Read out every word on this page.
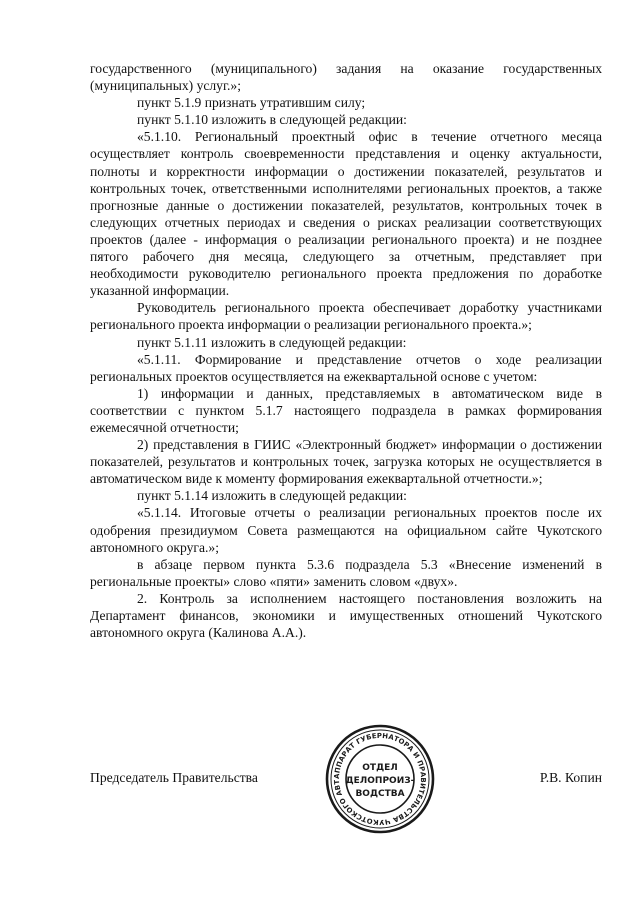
государственного (муниципального) задания на оказание государственных (муниципальных) услуг.»;

пункт 5.1.9 признать утратившим силу;

пункт 5.1.10 изложить в следующей редакции:

«5.1.10. Региональный проектный офис в течение отчетного месяца осуществляет контроль своевременности представления и оценку актуальности, полноты и корректности информации о достижении показателей, результатов и контрольных точек, ответственными исполнителями региональных проектов, а также прогнозные данные о достижении показателей, результатов, контрольных точек в следующих отчетных периодах и сведения о рисках реализации соответствующих проектов (далее - информация о реализации регионального проекта) и не позднее пятого рабочего дня месяца, следующего за отчетным, представляет при необходимости руководителю регионального проекта предложения по доработке указанной информации.

Руководитель регионального проекта обеспечивает доработку участниками регионального проекта информации о реализации регионального проекта.»;

пункт 5.1.11 изложить в следующей редакции:

«5.1.11. Формирование и представление отчетов о ходе реализации региональных проектов осуществляется на ежеквартальной основе с учетом:

1) информации и данных, представляемых в автоматическом виде в соответствии с пунктом 5.1.7 настоящего подраздела в рамках формирования ежемесячной отчетности;

2) представления в ГИИС «Электронный бюджет» информации о достижении показателей, результатов и контрольных точек, загрузка которых не осуществляется в автоматическом виде к моменту формирования ежеквартальной отчетности.»;

пункт 5.1.14 изложить в следующей редакции:

«5.1.14. Итоговые отчеты о реализации региональных проектов после их одобрения президиумом Совета размещаются на официальном сайте Чукотского автономного округа.»;

в абзаце первом пункта 5.3.6 подраздела 5.3 «Внесение изменений в региональные проекты» слово «пяти» заменить словом «двух».

2. Контроль за исполнением настоящего постановления возложить на Департамент финансов, экономики и имущественных отношений Чукотского автономного округа (Калинова А.А.).

Председатель Правительства	Р.В. Копин
АППАРАТ ГУБЕРНАТОРА И ПРАВИТЕЛЬСТВА ЧУКОТСКОГО АВТ
ОТДЕЛ
ДЕЛОПРОИЗ-
ВОДСТВА
